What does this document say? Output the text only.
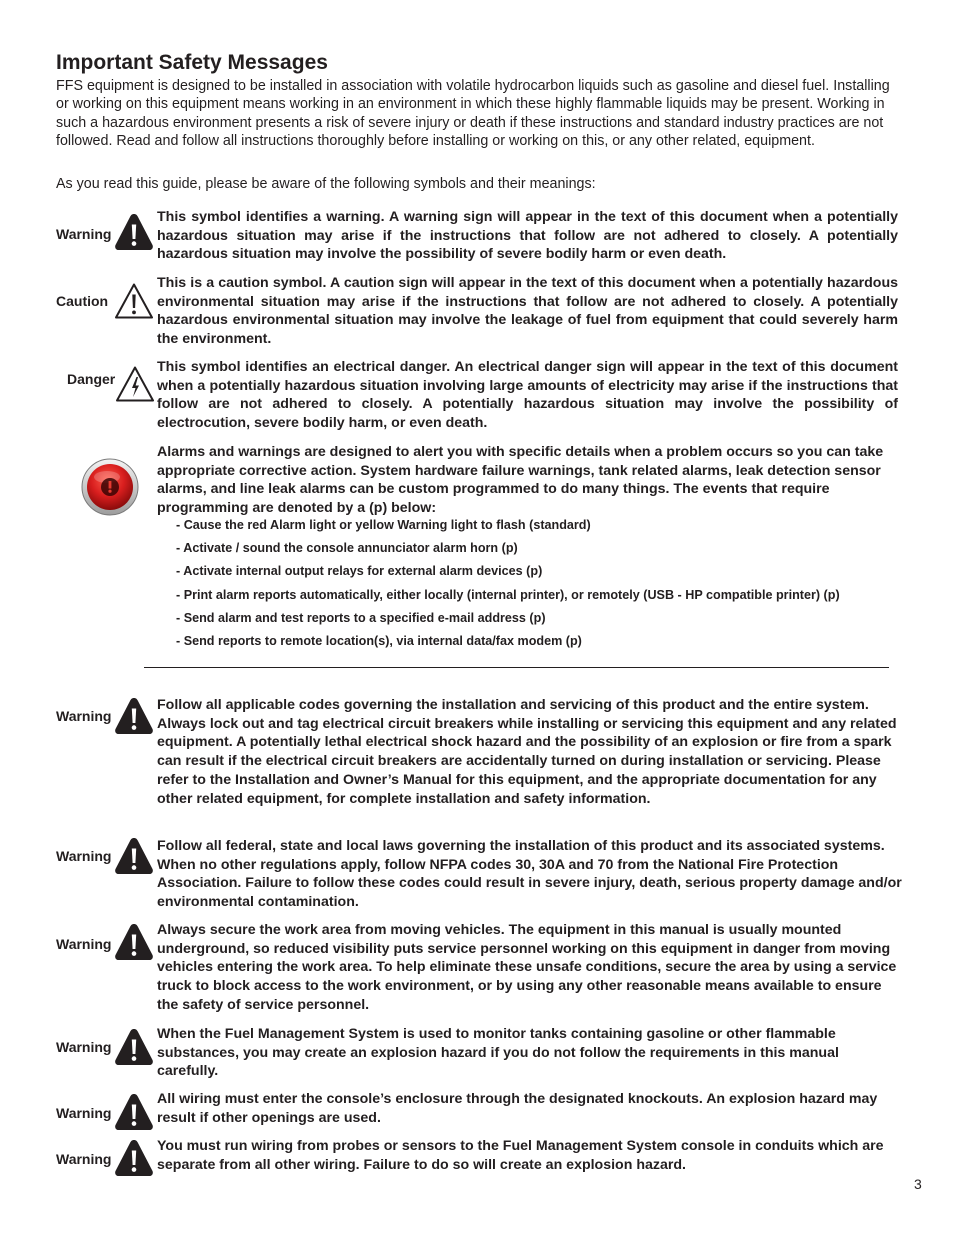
Important Safety Messages

FFS equipment is designed to be installed in association with volatile hydrocarbon liquids such as gasoline and diesel fuel. Installing or working on this equipment means working in an environment in which these highly flammable liquids may be present. Working in such a hazardous environment presents a risk of severe injury or death if these instructions and standard industry practices are not followed. Read and follow all instructions thoroughly before installing or working on this, or any other related, equipment.

As you read this guide, please be aware of the following symbols and their meanings:

Warning

This symbol identifies a warning. A warning sign will appear in the text of this document when a potentially hazardous situation may arise if the instructions that follow are not adhered to closely. A potentially hazardous situation may involve the possibility of severe bodily harm or even death.

Caution

This is a caution symbol. A caution sign will appear in the text of this document when a potentially hazardous environmental situation may arise if the instructions that follow are not adhered to closely. A potentially hazardous environmental situation may involve the leakage of fuel from equipment that could severely harm the environment.

Danger

This symbol identifies an electrical danger. An electrical danger sign will appear in the text of this document when a potentially hazardous situation involving large amounts of electricity may arise if the instructions that follow are not adhered to closely. A potentially hazardous situation may involve the possibility of electrocution, severe bodily harm, or even death.

Alarms and warnings are designed to alert you with specific details when a problem occurs so you can take appropriate corrective action. System hardware failure warnings, tank related alarms, leak detection sensor alarms, and line leak alarms can be custom programmed to do many things. The events that require programming are denoted by a (p) below:

- Cause the red Alarm light or yellow Warning light to flash (standard)
- Activate / sound the console annunciator alarm horn (p)
- Activate internal output relays for external alarm devices (p)
- Print alarm reports automatically, either locally (internal printer), or remotely (USB - HP compatible printer) (p)
- Send alarm and test reports to a specified e-mail address (p)
- Send reports to remote location(s), via internal data/fax modem (p)
Warning

Follow all applicable codes governing the installation and servicing of this product and the entire system. Always lock out and tag electrical circuit breakers while installing or servicing this equipment and any related equipment. A potentially lethal electrical shock hazard and the possibility of an explosion or fire from a spark can result if the electrical circuit breakers are accidentally turned on during installation or servicing. Please refer to the Installation and Owner’s Manual for this equipment, and the appropriate documentation for any other related equipment, for complete installation and safety information.

Warning

Follow all federal, state and local laws governing the installation of this product and its associated systems. When no other regulations apply, follow NFPA codes 30, 30A and 70 from the National Fire Protection Association. Failure to follow these codes could result in severe injury, death, serious property damage and/or environmental contamination.

Warning

Always secure the work area from moving vehicles. The equipment in this manual is usually mounted underground, so reduced visibility puts service personnel working on this equipment in danger from moving vehicles entering the work area. To help eliminate these unsafe conditions, secure the area by using a service truck to block access to the work environment, or by using any other reasonable means available to ensure the safety of service personnel.

Warning

When the Fuel Management System is used to monitor tanks containing gasoline or other flammable substances, you may create an explosion hazard if you do not follow the requirements in this manual carefully.

Warning

All wiring must enter the console’s enclosure through the designated knockouts. An explosion hazard may result if other openings are used.

Warning

You must run wiring from probes or sensors to the Fuel Management System console in conduits which are separate from all other wiring. Failure to do so will create an explosion hazard.

3
